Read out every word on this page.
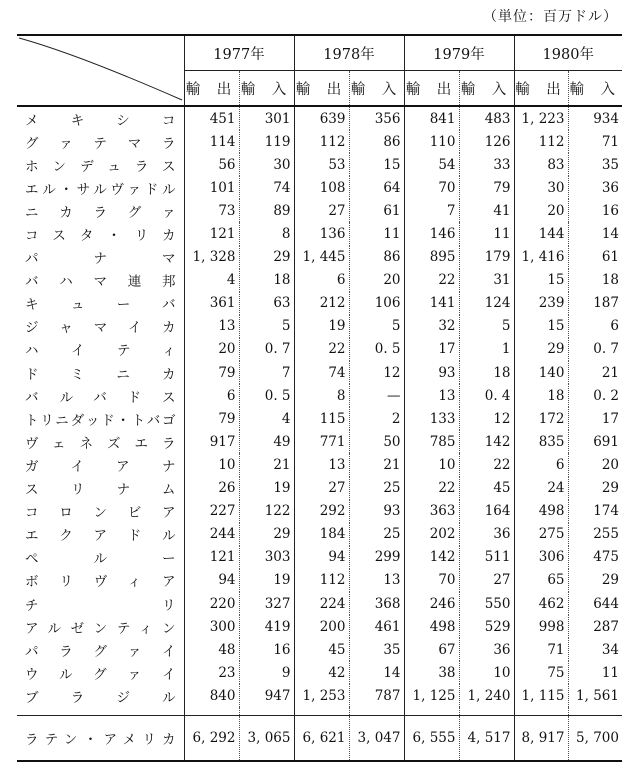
（単位：百万ドル）
	1977年		1978年		1979年		1980年	
	輸 出	輸 入	輸 出	輸 入	輸 出	輸 入	輸 出	輸 入
メキシコ	451	301	639	356	841	483	1, 223	934
グァテマラ	114	119	112	86	110	126	112	71
ホンデュラス	56	30	53	15	54	33	83	35
エル・サルヴァドル	101	74	108	64	70	79	30	36
ニカラグァ	73	89	27	61	7	41	20	16
コスタ・リカ	121	8	136	11	146	11	144	14
パナマ	1, 328	29	1, 445	86	895	179	1, 416	61
バハマ連邦	4	18	6	20	22	31	15	18
キューバ	361	63	212	106	141	124	239	187
ジャマイカ	13	5	19	5	32	5	15	6
ハイティ	20	0. 7	22	0. 5	17	1	29	0. 7
ドミニカ	79	7	74	12	93	18	140	21
バルバドス	6	0. 5	8	—	13	0. 4	18	0. 2
トリニダッド・トバゴ	79	4	115	2	133	12	172	17
ヴェネズエラ	917	49	771	50	785	142	835	691
ガイアナ	10	21	13	21	10	22	6	20
スリナム	26	19	27	25	22	45	24	29
コロンビア	227	122	292	93	363	164	498	174
エクアドル	244	29	184	25	202	36	275	255
ペルー	121	303	94	299	142	511	306	475
ボリヴィア	94	19	112	13	70	27	65	29
チリ	220	327	224	368	246	550	462	644
アルゼンティン	300	419	200	461	498	529	998	287
パラグァイ	48	16	45	35	67	36	71	34
ウルグァイ	23	9	42	14	38	10	75	11
ブラジル	840	947	1, 253	787	1, 125	1, 240	1, 115	1, 561

ラテン・アメリカ	6, 292	3, 065	6, 621	3, 047	6, 555	4, 517	8, 917	5, 700
